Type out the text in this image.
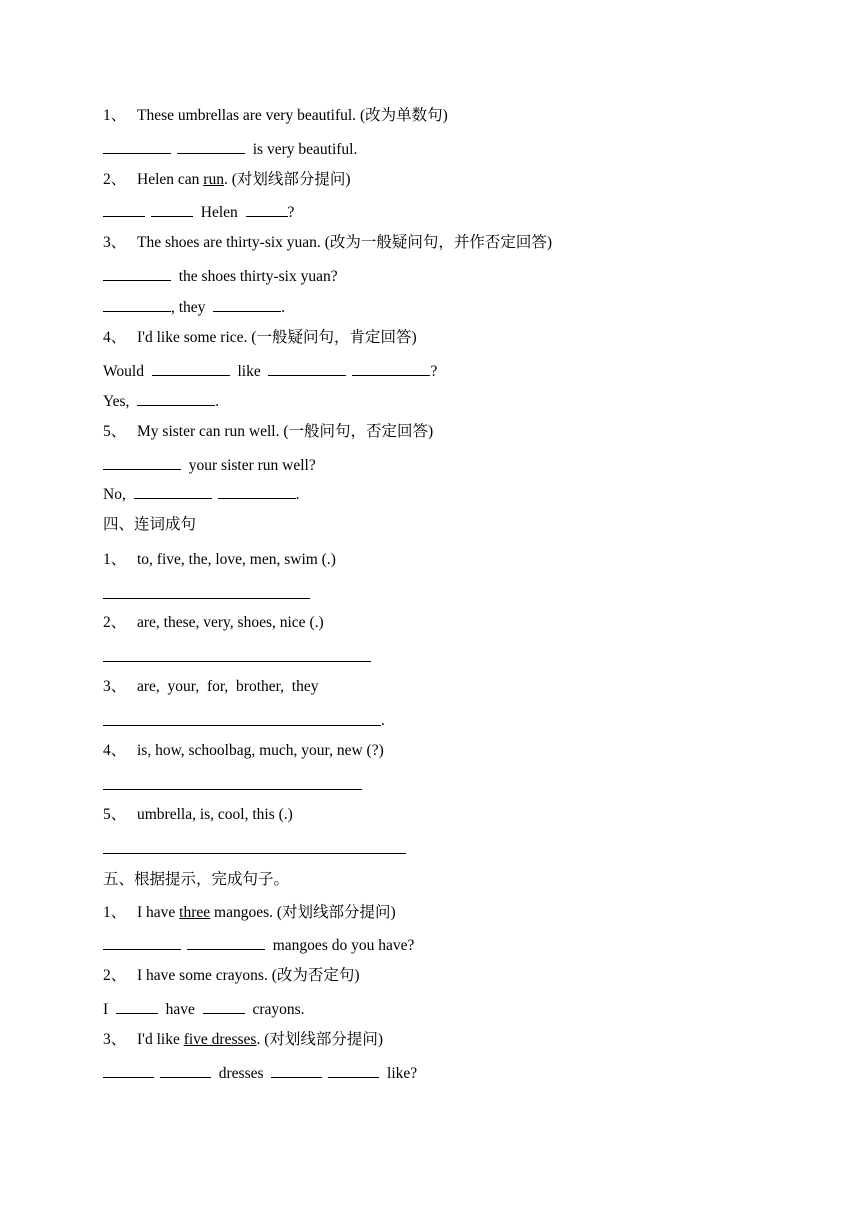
1、 These umbrellas are very beautiful. (改为单数句)
is very beautiful.
2、 Helen can run. (对划线部分提问)
Helen	?
3、 The shoes are thirty-six yuan. (改为一般疑问句，并作否定回答)
the shoes thirty-six yuan?
, they	.
4、 I'd like some rice. (一般疑问句，肯定回答)
Would	like	?
Yes,	.
5、 My sister can run well. (一般问句，否定回答)
your sister run well?
No,	.
四、连词成句
1、 to, five, the, love, men, swim (.)
2、 are, these, very, shoes, nice (.)
3、 are,  your,  for,  brother,  they
.
4、 is, how, schoolbag, much, your, new (?)
5、 umbrella, is, cool, this (.)
五、根据提示，完成句子。
1、 I have three mangoes. (对划线部分提问)
mangoes do you have?
2、 I have some crayons. (改为否定句)
I	have	crayons.
3、 I'd like five dresses. (对划线部分提问)
dresses	like?
